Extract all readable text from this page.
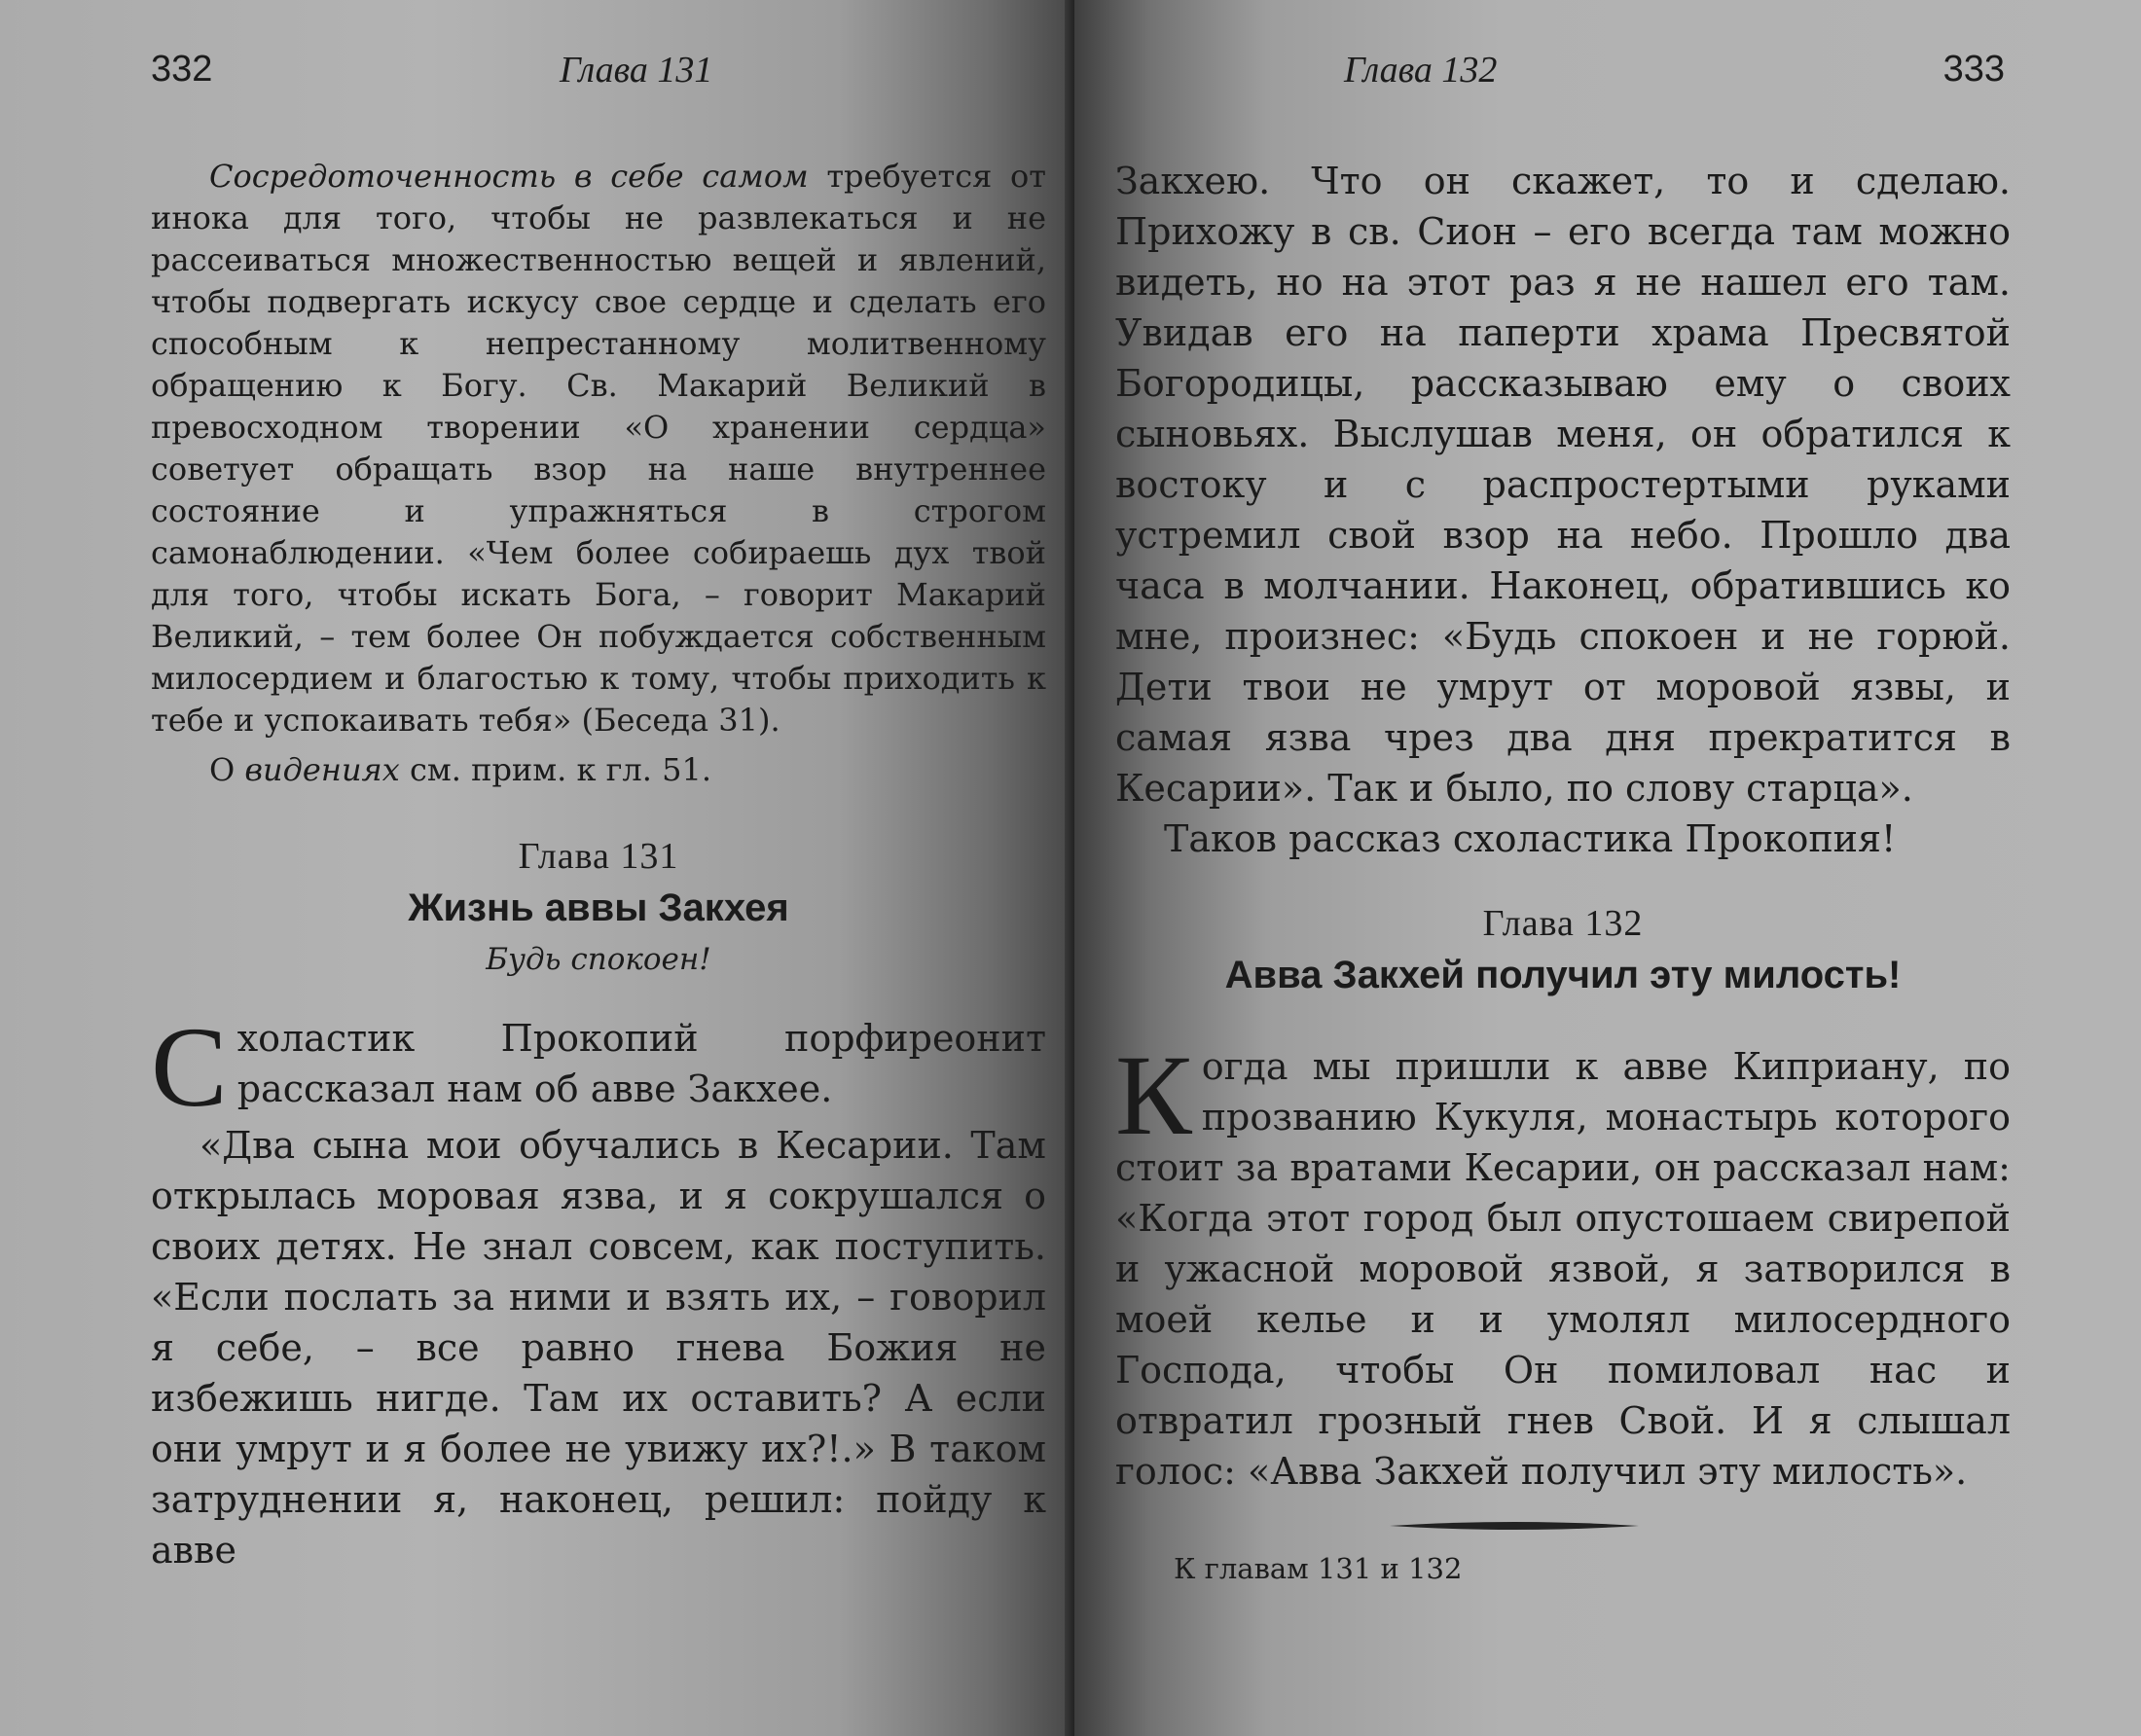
332	Глава 131

Сосредоточенность в себе самом требуется от инока для того, чтобы не развлекаться и не рассеиваться множественностью вещей и явлений, чтобы подвергать искусу свое сердце и сделать его способным к непрестанному молитвенному обращению к Богу. Св. Макарий Великий в превосходном творении «О хранении сердца» советует обращать взор на наше внутреннее состояние и упражняться в строгом самонаблюдении. «Чем более собираешь дух твой для того, чтобы искать Бога, – говорит Макарий Великий, – тем более Он побуждается собственным милосердием и благостью к тому, чтобы приходить к тебе и успокаивать тебя» (Беседа 31).

О видениях см. прим. к гл. 51.

Глава 131
Жизнь аввы Закхея
Будь спокоен!

Схоластик Прокопий порфиреонит рассказал нам об авве Закхее.

«Два сына мои обучались в Кесарии. Там открылась моровая язва, и я сокрушался о своих детях. Не знал совсем, как поступить. «Если послать за ними и взять их, – говорил я себе, – все равно гнева Божия не избежишь нигде. Там их оставить? А если они умрут и я более не увижу их?!.» В таком затруднении я, наконец, решил: пойду к авве

Глава 132	333

Закхею. Что он скажет, то и сделаю. Прихожу в св. Сион – его всегда там можно видеть, но на этот раз я не нашел его там. Увидав его на паперти храма Пресвятой Богородицы, рассказываю ему о своих сыновьях. Выслушав меня, он обратился к востоку и с распростертыми руками устремил свой взор на небо. Прошло два часа в молчании. Наконец, обратившись ко мне, произнес: «Будь спокоен и не горюй. Дети твои не умрут от моровой язвы, и самая язва чрез два дня прекратится в Кесарии». Так и было, по слову старца».

Таков рассказ схоластика Прокопия!

Глава 132
Авва Закхей получил эту милость!

Когда мы пришли к авве Киприану, по прозванию Кукуля, монастырь которого стоит за вратами Кесарии, он рассказал нам: «Когда этот город был опустошаем свирепой и ужасной моровой язвой, я затворился в моей келье и и умолял милосердного Господа, чтобы Он помиловал нас и отвратил грозный гнев Свой. И я слышал голос: «Авва Закхей получил эту милость».

К главам 131 и 132
